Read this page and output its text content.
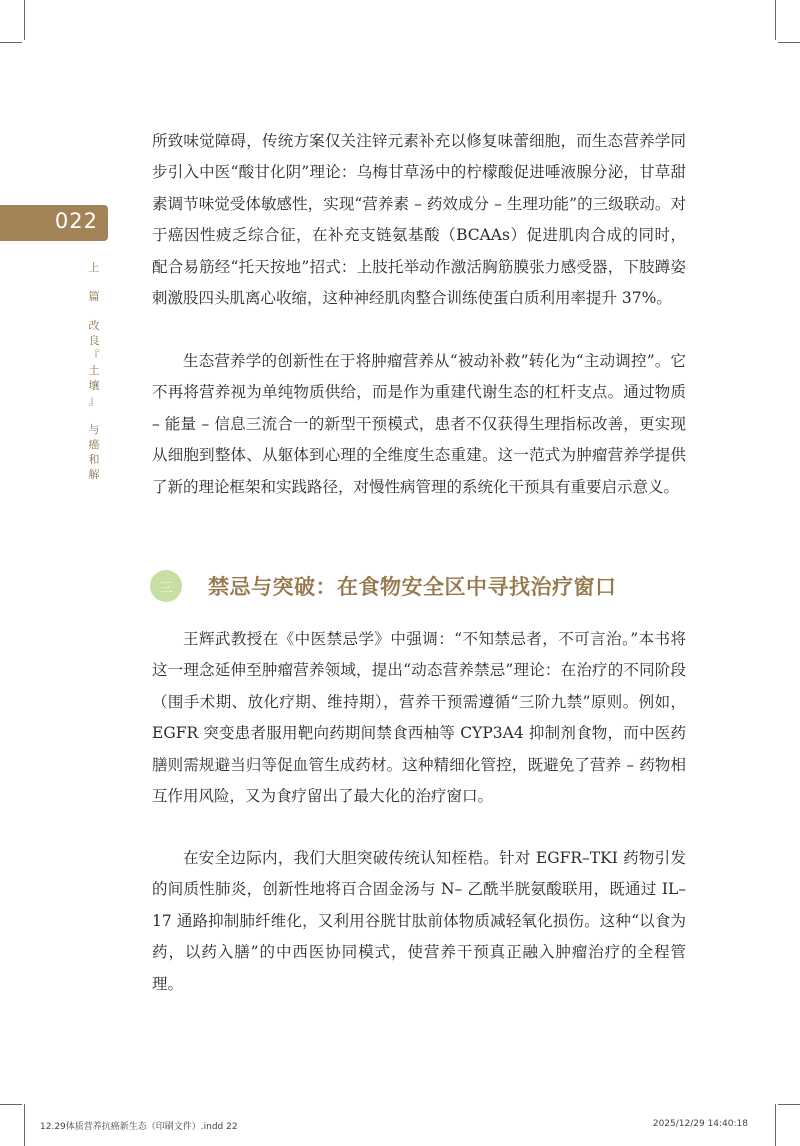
022
上
篇
改
良
『
土
壤
』
与
癌
和
解

所致味觉障碍，传统方案仅关注锌元素补充以修复味蕾细胞，而生态营养学同步引入中医“酸甘化阴”理论：乌梅甘草汤中的柠檬酸促进唾液腺分泌，甘草甜素调节味觉受体敏感性，实现“营养素 – 药效成分 – 生理功能”的三级联动。对于癌因性疲乏综合征，在补充支链氨基酸（BCAAs）促进肌肉合成的同时，配合易筋经“托天按地”招式：上肢托举动作激活胸筋膜张力感受器，下肢蹲姿刺激股四头肌离心收缩，这种神经肌肉整合训练使蛋白质利用率提升 37%。

生态营养学的创新性在于将肿瘤营养从“被动补救”转化为“主动调控”。它不再将营养视为单纯物质供给，而是作为重建代谢生态的杠杆支点。通过物质 – 能量 – 信息三流合一的新型干预模式，患者不仅获得生理指标改善，更实现从细胞到整体、从躯体到心理的全维度生态重建。这一范式为肿瘤营养学提供了新的理论框架和实践路径，对慢性病管理的系统化干预具有重要启示意义。

三	禁忌与突破：在食物安全区中寻找治疗窗口

王辉武教授在《中医禁忌学》中强调：“不知禁忌者，不可言治。”本书将这一理念延伸至肿瘤营养领域，提出“动态营养禁忌”理论：在治疗的不同阶段（围手术期、放化疗期、维持期），营养干预需遵循“三阶九禁”原则。例如，EGFR 突变患者服用靶向药期间禁食西柚等 CYP3A4 抑制剂食物，而中医药膳则需规避当归等促血管生成药材。这种精细化管控，既避免了营养 – 药物相互作用风险，又为食疗留出了最大化的治疗窗口。

在安全边际内，我们大胆突破传统认知桎梏。针对 EGFR–TKI 药物引发的间质性肺炎，创新性地将百合固金汤与 N– 乙酰半胱氨酸联用，既通过 IL–17 通路抑制肺纤维化，又利用谷胱甘肽前体物质减轻氧化损伤。这种“以食为药，以药入膳”的中西医协同模式，使营养干预真正融入肿瘤治疗的全程管理。

12.29体质营养抗癌新生态（印刷文件）.indd 22	2025/12/29 14:40:18
